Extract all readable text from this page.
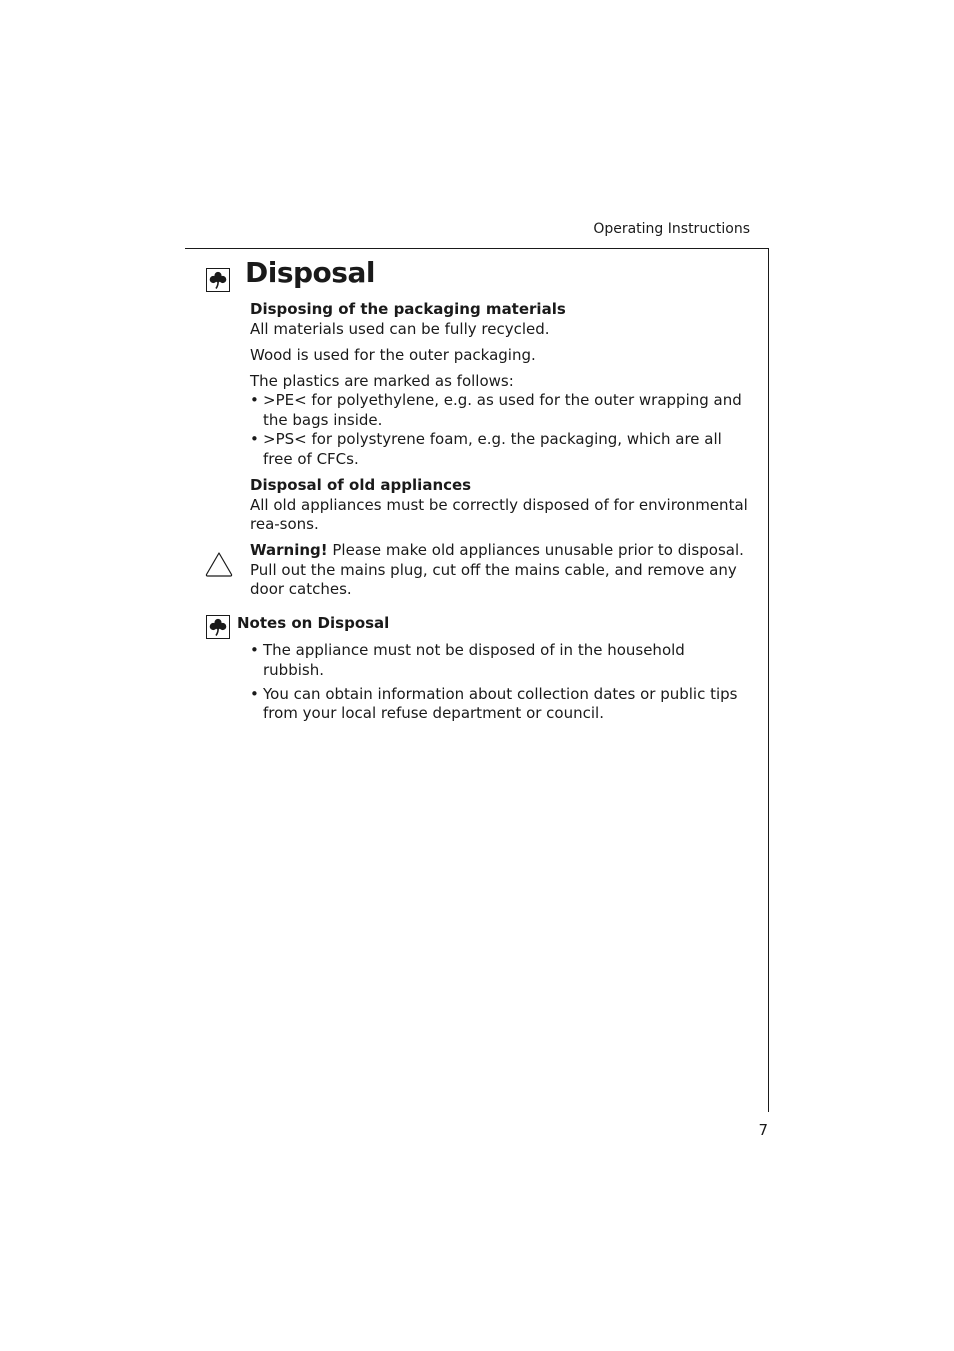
Operating Instructions
Disposal

Disposing of the packaging materials

All materials used can be fully recycled.

Wood is used for the outer packaging.

The plastics are marked as follows:

• >PE< for polyethylene, e.g. as used for the outer wrapping and the bags inside.

• >PS< for polystyrene foam, e.g. the packaging, which are all free of CFCs.

Disposal of old appliances

All old appliances must be correctly disposed of for environmental rea-sons.

Warning! Please make old appliances unusable prior to disposal. Pull out the mains plug, cut off the mains cable, and remove any door catches.

Notes on Disposal

• The appliance must not be disposed of in the household rubbish.

• You can obtain information about collection dates or public tips from your local refuse department or council.

7
